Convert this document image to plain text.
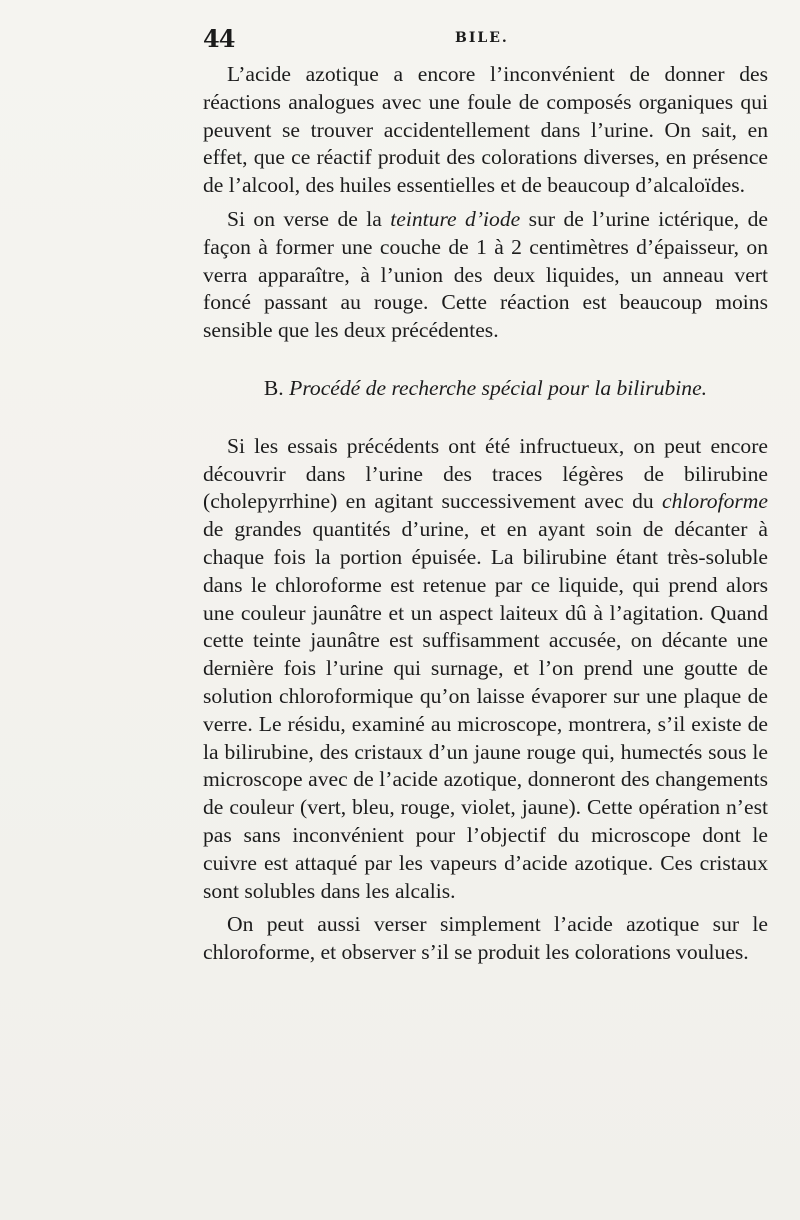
44	BILE.

L’acide azotique a encore l’inconvénient de donner des réactions analogues avec une foule de composés organiques qui peuvent se trouver accidentellement dans l’urine. On sait, en effet, que ce réactif produit des colorations diverses, en présence de l’alcool, des huiles essentielles et de beaucoup d’alcaloïdes.

Si on verse de la teinture d’iode sur de l’urine ictérique, de façon à former une couche de 1 à 2 centimètres d’épaisseur, on verra apparaître, à l’union des deux liquides, un anneau vert foncé passant au rouge. Cette réaction est beaucoup moins sensible que les deux précédentes.

B. Procédé de recherche spécial pour la bilirubine.

Si les essais précédents ont été infructueux, on peut encore découvrir dans l’urine des traces légères de bilirubine (cholepyrrhine) en agitant successivement avec du chloroforme de grandes quantités d’urine, et en ayant soin de décanter à chaque fois la portion épuisée. La bilirubine étant très-soluble dans le chloroforme est retenue par ce liquide, qui prend alors une couleur jaunâtre et un aspect laiteux dû à l’agitation. Quand cette teinte jaunâtre est suffisamment accusée, on décante une dernière fois l’urine qui surnage, et l’on prend une goutte de solution chloroformique qu’on laisse évaporer sur une plaque de verre. Le résidu, examiné au microscope, montrera, s’il existe de la bilirubine, des cristaux d’un jaune rouge qui, humectés sous le microscope avec de l’acide azotique, donneront des changements de couleur (vert, bleu, rouge, violet, jaune). Cette opération n’est pas sans inconvénient pour l’objectif du microscope dont le cuivre est attaqué par les vapeurs d’acide azotique. Ces cristaux sont solubles dans les alcalis.

On peut aussi verser simplement l’acide azotique sur le chloroforme, et observer s’il se produit les colorations voulues.
